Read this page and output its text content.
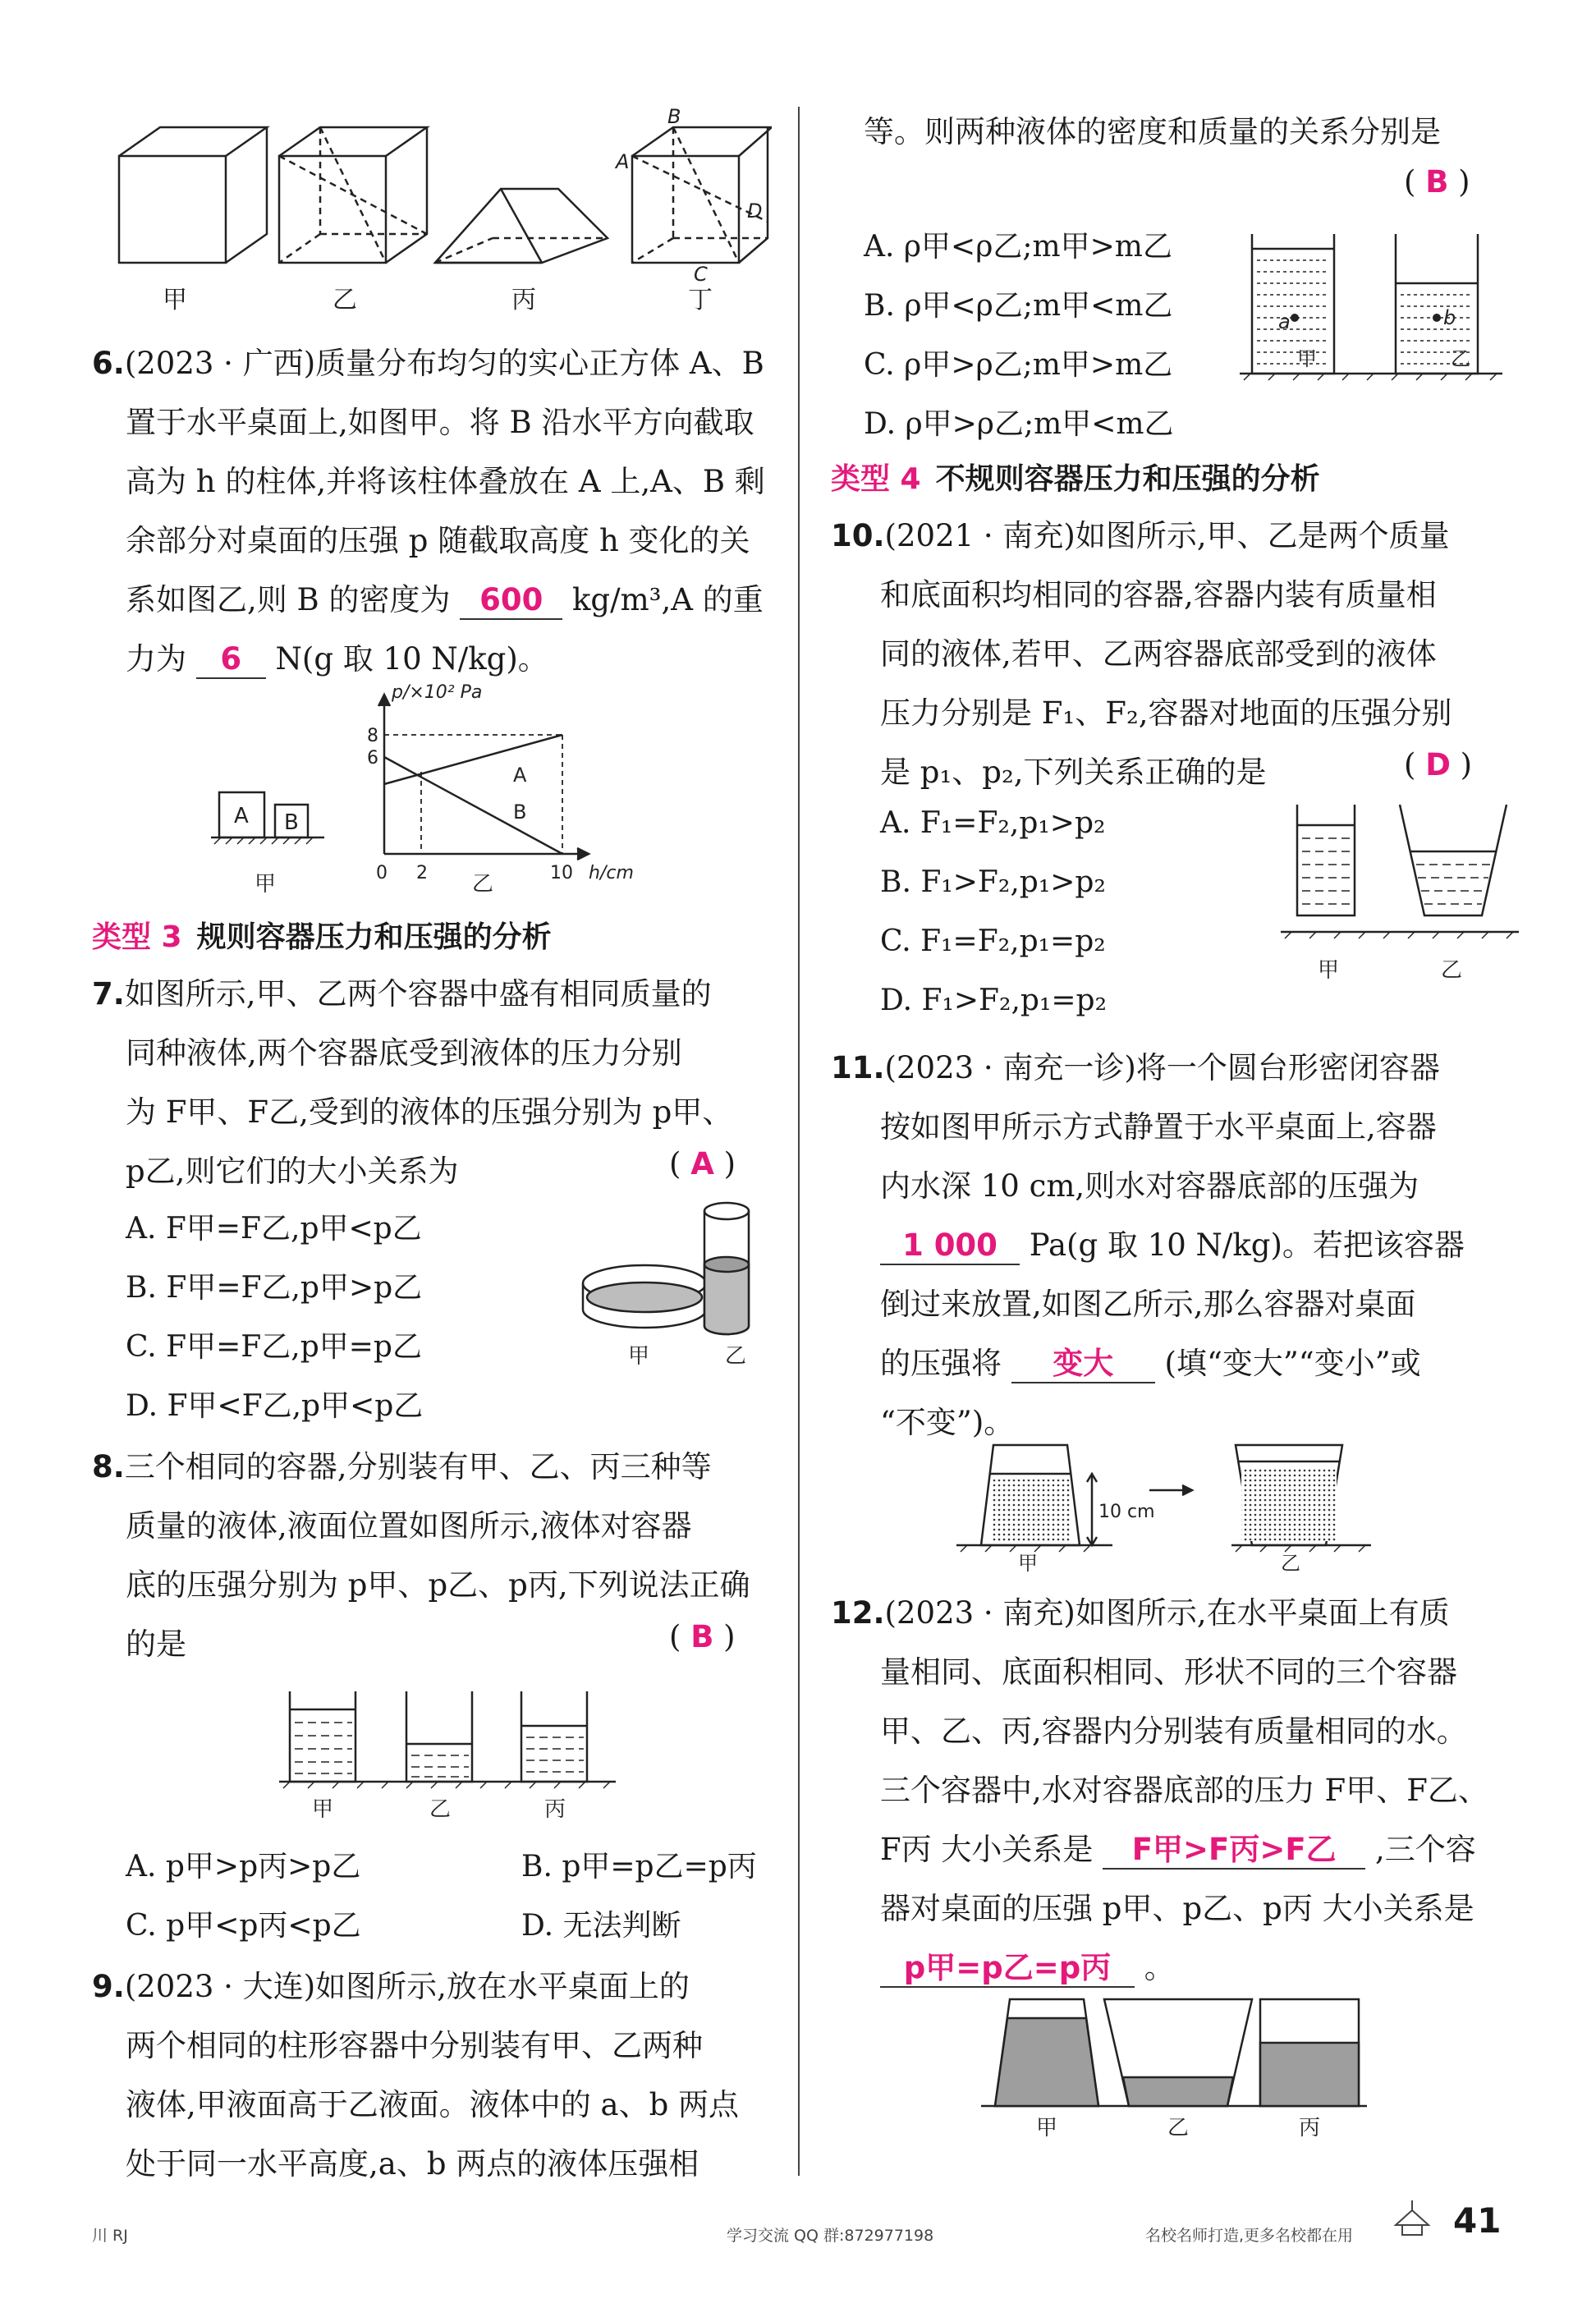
B
A
D
C
甲	乙	丙	丁
6.(2023 · 广西)质量分布均匀的实心正方体 A、B
置于水平桌面上,如图甲。将 B 沿水平方向截取
高为 h 的柱体,并将该柱体叠放在 A 上,A、B 剩
余部分对桌面的压强 p 随截取高度 h 变化的关
系如图乙,则 B 的密度为 600 kg/m³,A 的重
力为 6 N(g 取 10 N/kg)。
A B
p/×10² Pa
8
6
A
B
0 2	10 h/cm
甲	乙
类型 3 规则容器压力和压强的分析
7.如图所示,甲、乙两个容器中盛有相同质量的
同种液体,两个容器底受到液体的压力分别
为 F甲、F乙,受到的液体的压强分别为 p甲、
p乙,则它们的大小关系为	( A )
A. F甲=F乙,p甲<p乙
B. F甲=F乙,p甲>p乙
C. F甲=F乙,p甲=p乙
D. F甲<F乙,p甲<p乙
甲	乙
8.三个相同的容器,分别装有甲、乙、丙三种等
质量的液体,液面位置如图所示,液体对容器
底的压强分别为 p甲、p乙、p丙,下列说法正确
的是	( B )
甲	乙	丙
A. p甲>p丙>p乙	B. p甲=p乙=p丙
C. p甲<p丙<p乙	D. 无法判断
9.(2023 · 大连)如图所示,放在水平桌面上的
两个相同的柱形容器中分别装有甲、乙两种
液体,甲液面高于乙液面。液体中的 a、b 两点
处于同一水平高度,a、b 两点的液体压强相
等。则两种液体的密度和质量的关系分别是
( B )
A. ρ甲<ρ乙;m甲>m乙
B. ρ甲<ρ乙;m甲<m乙
C. ρ甲>ρ乙;m甲>m乙
D. ρ甲>ρ乙;m甲<m乙
a	b
甲	乙
类型 4 不规则容器压力和压强的分析
10.(2021 · 南充)如图所示,甲、乙是两个质量
和底面积均相同的容器,容器内装有质量相
同的液体,若甲、乙两容器底部受到的液体
压力分别是 F₁、F₂,容器对地面的压强分别
是 p₁、p₂,下列关系正确的是	( D )
A. F₁=F₂,p₁>p₂
B. F₁>F₂,p₁>p₂
C. F₁=F₂,p₁=p₂
D. F₁>F₂,p₁=p₂
甲	乙
11.(2023 · 南充一诊)将一个圆台形密闭容器
按如图甲所示方式静置于水平桌面上,容器
内水深 10 cm,则水对容器底部的压强为
1 000 Pa(g 取 10 N/kg)。若把该容器
倒过来放置,如图乙所示,那么容器对桌面
的压强将 变大 (填“变大”“变小”或
“不变”)。
10 cm
甲	乙
12.(2023 · 南充)如图所示,在水平桌面上有质
量相同、底面积相同、形状不同的三个容器
甲、乙、丙,容器内分别装有质量相同的水。
三个容器中,水对容器底部的压力 F甲、F乙、
F丙 大小关系是 F甲>F丙>F乙 ,三个容
器对桌面的压强 p甲、p乙、p丙 大小关系是
p甲=p乙=p丙 。
甲	乙	丙
川 RJ	学习交流 QQ 群:872977198	名校名师打造,更多名校都在用	41
